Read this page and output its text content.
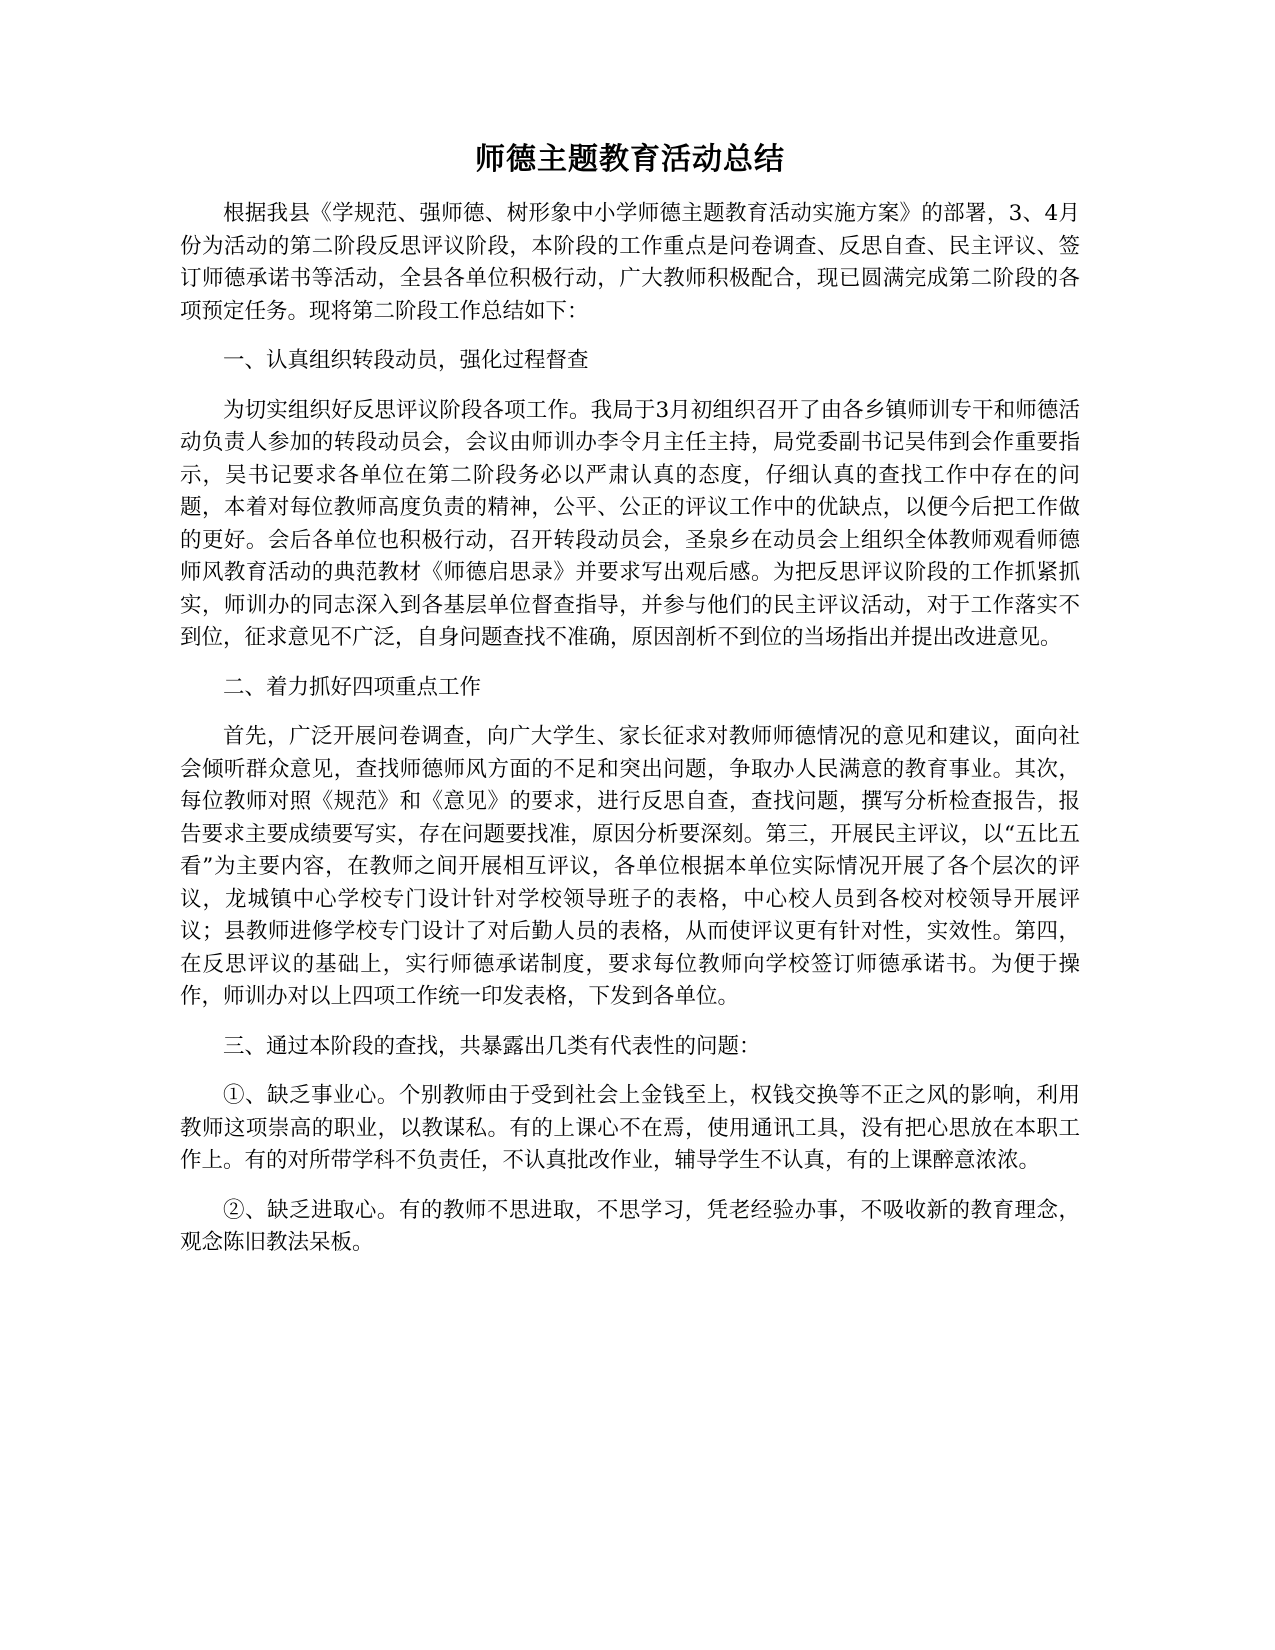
师德主题教育活动总结

根据我县《学规范、强师德、树形象中小学师德主题教育活动实施方案》的部署，3、4月份为活动的第二阶段反思评议阶段，本阶段的工作重点是问卷调查、反思自查、民主评议、签订师德承诺书等活动，全县各单位积极行动，广大教师积极配合，现已圆满完成第二阶段的各项预定任务。现将第二阶段工作总结如下：

一、认真组织转段动员，强化过程督查

为切实组织好反思评议阶段各项工作。我局于3月初组织召开了由各乡镇师训专干和师德活动负责人参加的转段动员会，会议由师训办李令月主任主持，局党委副书记吴伟到会作重要指示，吴书记要求各单位在第二阶段务必以严肃认真的态度，仔细认真的查找工作中存在的问题，本着对每位教师高度负责的精神，公平、公正的评议工作中的优缺点，以便今后把工作做的更好。会后各单位也积极行动，召开转段动员会，圣泉乡在动员会上组织全体教师观看师德师风教育活动的典范教材《师德启思录》并要求写出观后感。为把反思评议阶段的工作抓紧抓实，师训办的同志深入到各基层单位督查指导，并参与他们的民主评议活动，对于工作落实不到位，征求意见不广泛，自身问题查找不准确，原因剖析不到位的当场指出并提出改进意见。

二、着力抓好四项重点工作

首先，广泛开展问卷调查，向广大学生、家长征求对教师师德情况的意见和建议，面向社会倾听群众意见，查找师德师风方面的不足和突出问题，争取办人民满意的教育事业。其次，每位教师对照《规范》和《意见》的要求，进行反思自查，查找问题，撰写分析检查报告，报告要求主要成绩要写实，存在问题要找准，原因分析要深刻。第三，开展民主评议，以“五比五看”为主要内容，在教师之间开展相互评议，各单位根据本单位实际情况开展了各个层次的评议，龙城镇中心学校专门设计针对学校领导班子的表格，中心校人员到各校对校领导开展评议；县教师进修学校专门设计了对后勤人员的表格，从而使评议更有针对性，实效性。第四，在反思评议的基础上，实行师德承诺制度，要求每位教师向学校签订师德承诺书。为便于操作，师训办对以上四项工作统一印发表格，下发到各单位。

三、通过本阶段的查找，共暴露出几类有代表性的问题：

①、缺乏事业心。个别教师由于受到社会上金钱至上，权钱交换等不正之风的影响，利用教师这项崇高的职业，以教谋私。有的上课心不在焉，使用通讯工具，没有把心思放在本职工作上。有的对所带学科不负责任，不认真批改作业，辅导学生不认真，有的上课醉意浓浓。

②、缺乏进取心。有的教师不思进取，不思学习，凭老经验办事，不吸收新的教育理念，观念陈旧教法呆板。
